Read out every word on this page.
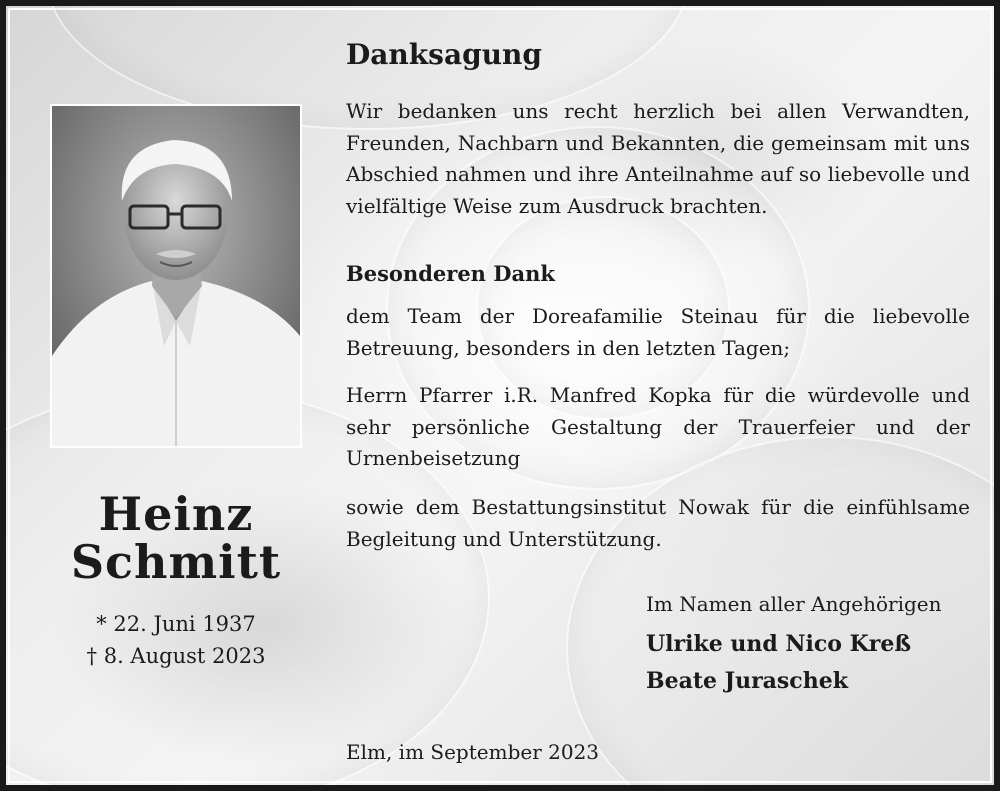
Heinz
Schmitt
* 22. Juni 1937
† 8. August 2023
Danksagung
Wir bedanken uns recht herzlich bei allen Verwandten, Freunden, Nachbarn und Bekannten, die gemeinsam mit uns Abschied nahmen und ihre Anteilnahme auf so liebevolle und vielfältige Weise zum Ausdruck brachten.
Besonderen Dank
dem Team der Doreafamilie Steinau für die liebevolle Betreuung, besonders in den letzten Tagen;
Herrn Pfarrer i.R. Manfred Kopka für die würdevolle und sehr persönliche Gestaltung der Trauerfeier und der Urnenbeisetzung
sowie dem Bestattungsinstitut Nowak für die einfühlsame Begleitung und Unterstützung.
Im Namen aller Angehörigen
Ulrike und Nico Kreß
Beate Juraschek
Elm, im September 2023
